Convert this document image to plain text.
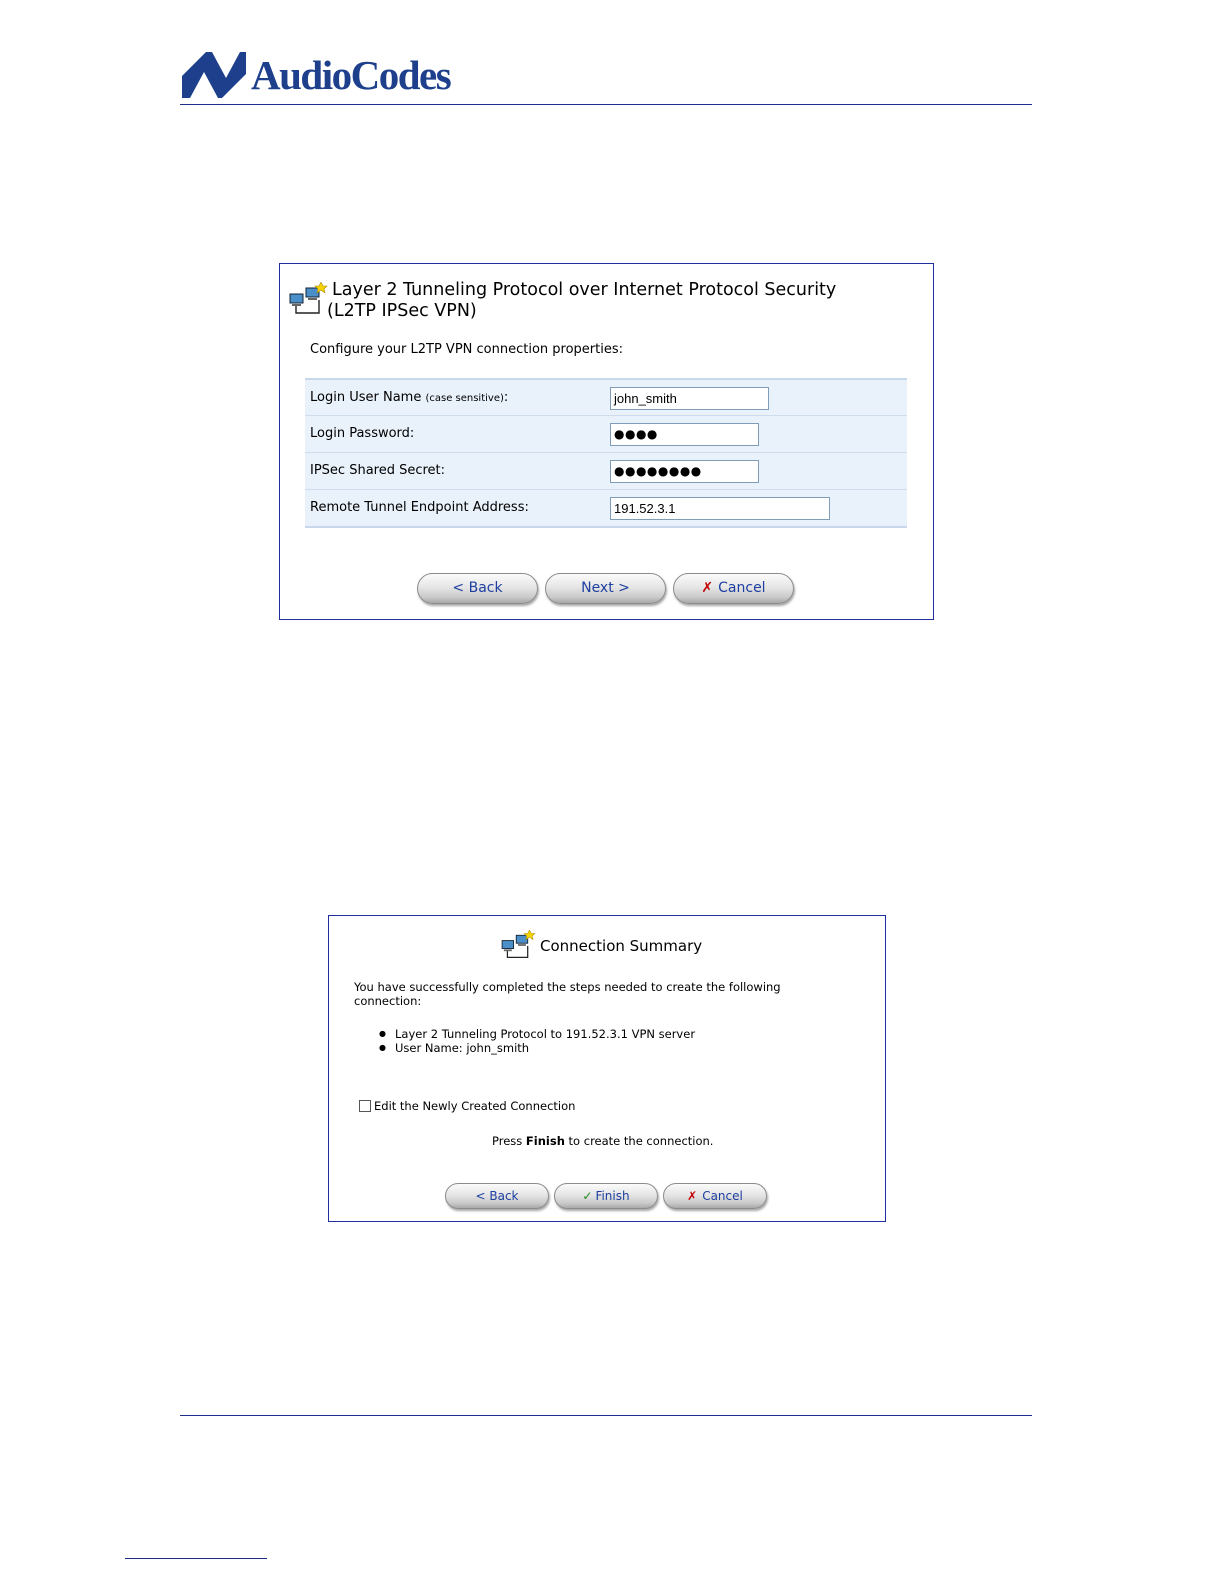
AudioCodes
Layer 2 Tunneling Protocol over Internet Protocol Security
(L2TP IPSec VPN)
Configure your L2TP VPN connection properties:
Login User Name (case sensitive):	john_smith
Login Password:	●●●●
IPSec Shared Secret:	●●●●●●●●
Remote Tunnel Endpoint Address:	191.52.3.1
< Back	Next >	✗ Cancel
Connection Summary
You have successfully completed the steps needed to create the following
connection:
● Layer 2 Tunneling Protocol to 191.52.3.1 VPN server
● User Name: john_smith
Edit the Newly Created Connection
Press Finish to create the connection.
< Back	✓ Finish	✗ Cancel
